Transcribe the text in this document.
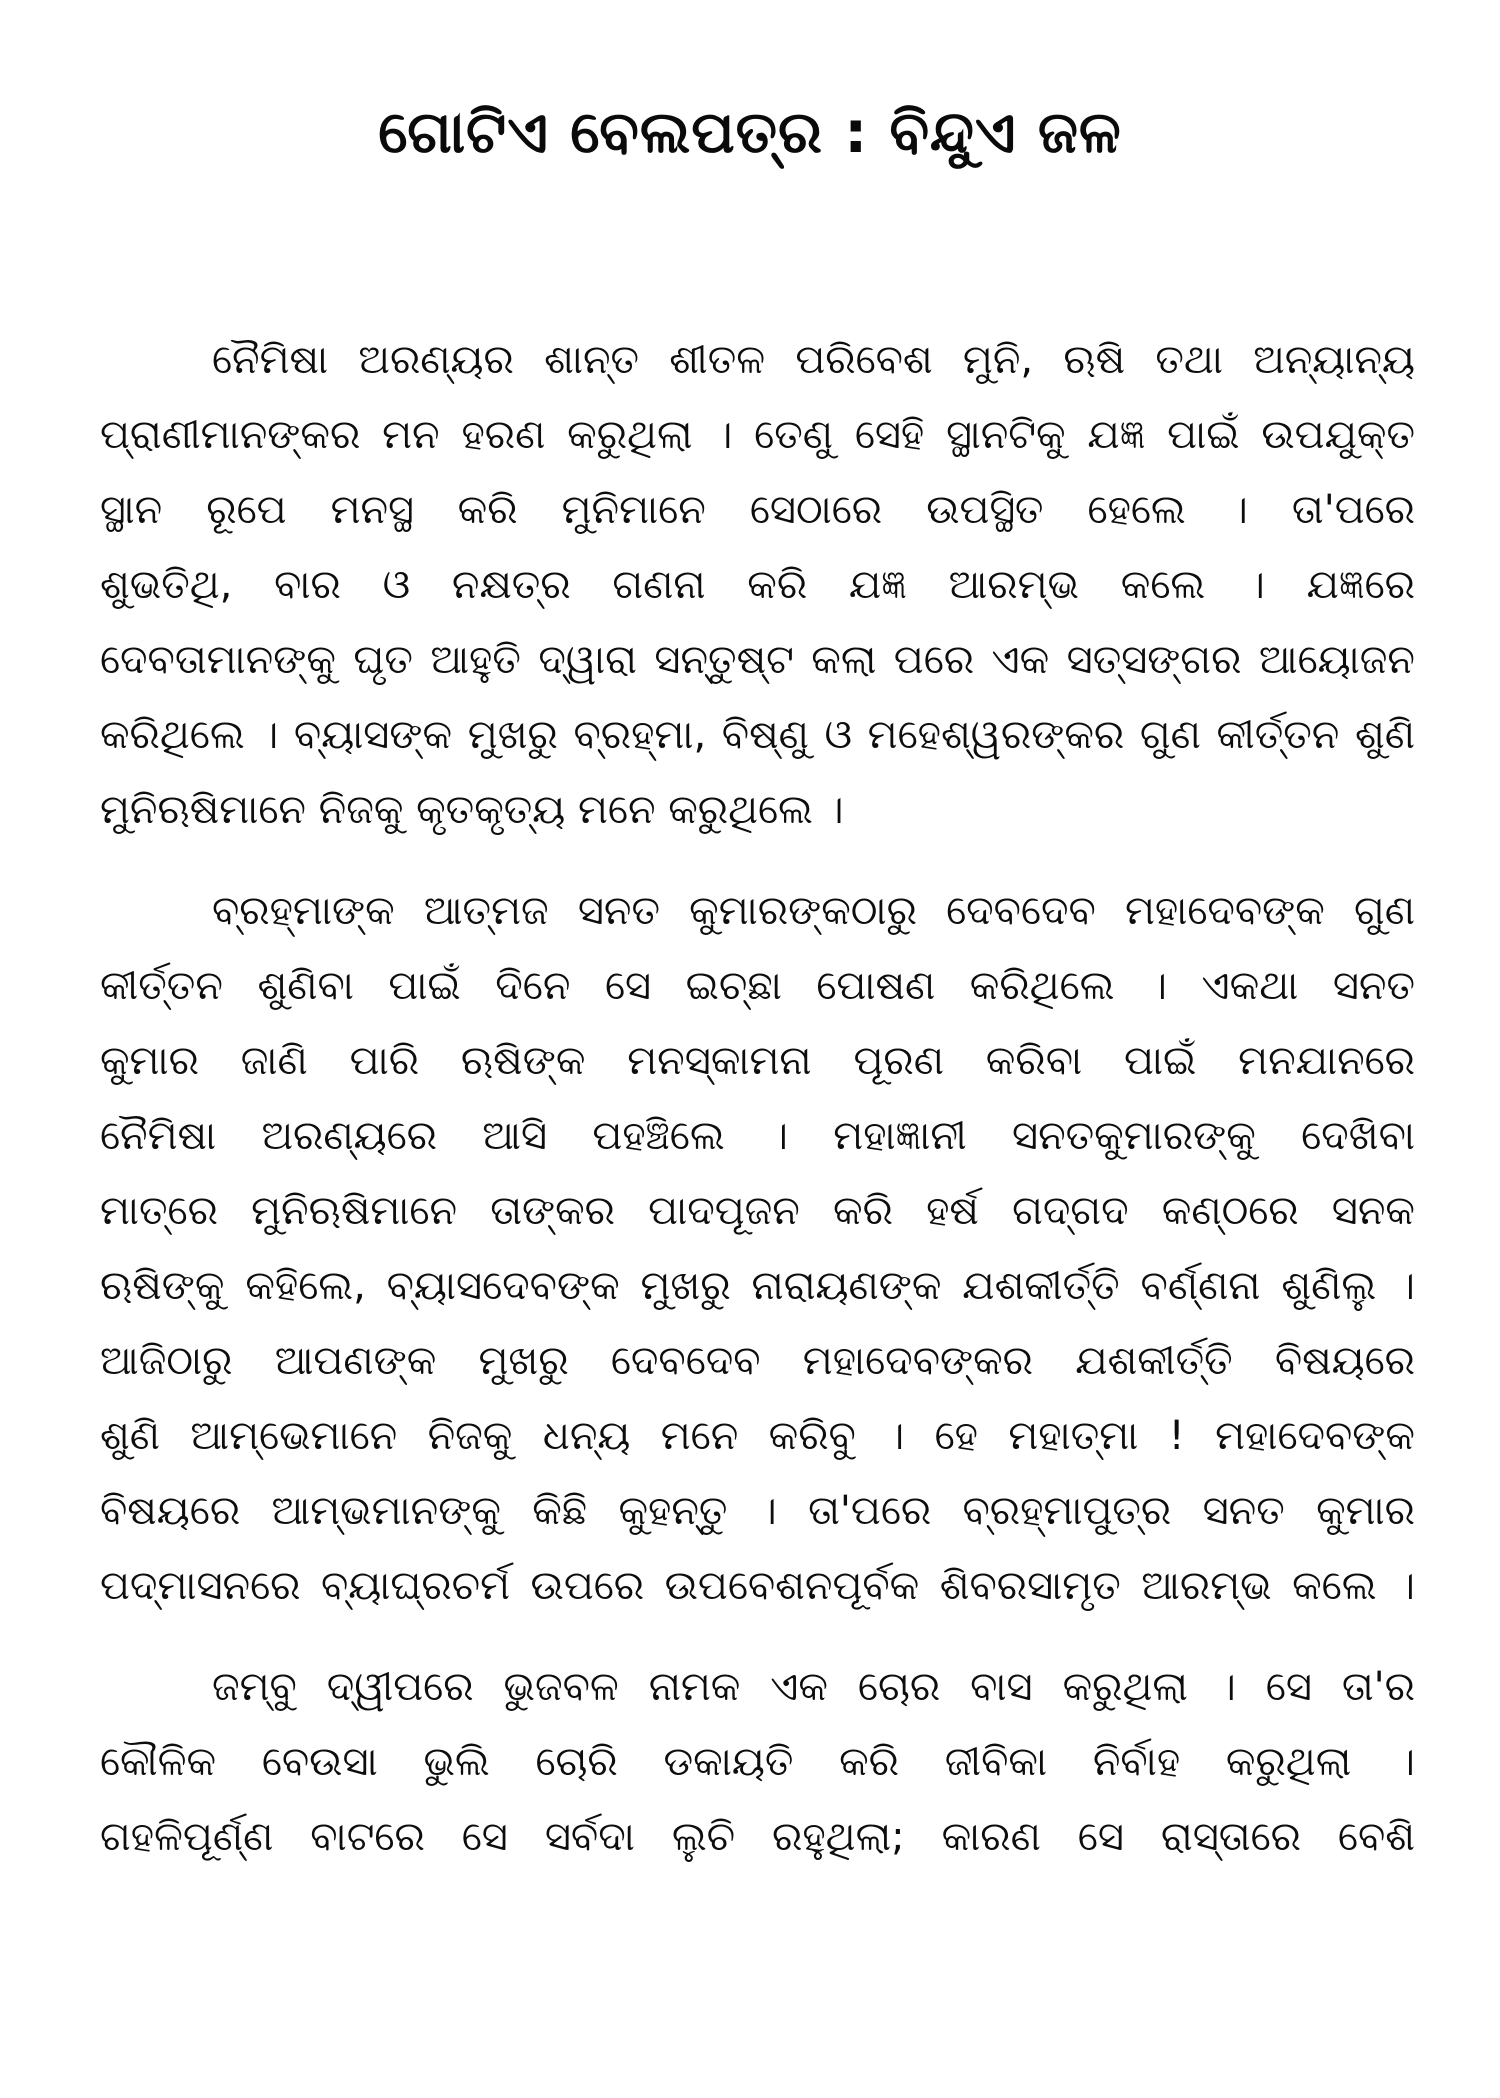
ଗୋଟିଏ ବେଲପତ୍ର : ବିନ୍ଦୁଏ ଜଳ
ନୈମିଷା ଅରଣ୍ୟର ଶାନ୍ତ ଶୀତଳ ପରିବେଶ ମୁନି, ଋଷି ତଥା ଅନ୍ୟାନ୍ୟ
ପ୍ରାଣୀମାନଙ୍କର ମନ ହରଣ କରୁଥିଲା । ତେଣୁ ସେହି ସ୍ଥାନଟିକୁ ଯଜ୍ଞ ପାଇଁ ଉପଯୁକ୍ତ
ସ୍ଥାନ ରୂପେ ମନସ୍ଥ କରି ମୁନିମାନେ ସେଠାରେ ଉପସ୍ଥିତ ହେଲେ । ତା'ପରେ
ଶୁଭତିଥି, ବାର ଓ ନକ୍ଷତ୍ର ଗଣନା କରି ଯଜ୍ଞ ଆରମ୍ଭ କଲେ । ଯଜ୍ଞରେ
ଦେବତାମାନଙ୍କୁ ଘୃତ ଆହୁତି ଦ୍ୱାରା ସନ୍ତୁଷ୍ଟ କଲା ପରେ ଏକ ସତ୍‌ସଙ୍ଗର ଆୟୋଜନ
କରିଥିଲେ । ବ୍ୟାସଙ୍କ ମୁଖରୁ ବ୍ରହ୍ମା, ବିଷ୍ଣୁ ଓ ମହେଶ୍ୱରଙ୍କର ଗୁଣ କୀର୍ତ୍ତନ ଶୁଣି
ମୁନିଋଷିମାନେ ନିଜକୁ କୃତକୃତ୍ୟ ମନେ କରୁଥିଲେ ।
ବ୍ରହ୍ମାଙ୍କ ଆତ୍ମଜ ସନତ କୁମାରଙ୍କଠାରୁ ଦେବଦେବ ମହାଦେବଙ୍କ ଗୁଣ
କୀର୍ତ୍ତନ ଶୁଣିବା ପାଇଁ ଦିନେ ସେ ଇଚ୍ଛା ପୋଷଣ କରିଥିଲେ । ଏକଥା ସନତ
କୁମାର ଜାଣି ପାରି ଋଷିଙ୍କ ମନସ୍କାମନା ପୂରଣ କରିବା ପାଇଁ ମନଯାନରେ
ନୈମିଷା ଅରଣ୍ୟରେ ଆସି ପହଞ୍ଚିଲେ । ମହାଜ୍ଞାନୀ ସନତକୁମାରଙ୍କୁ ଦେଖିବା
ମାତ୍ରେ ମୁନିଋଷିମାନେ ତାଙ୍କର ପାଦପୂଜନ କରି ହର୍ଷ ଗଦ୍‌ଗଦ କଣ୍ଠରେ ସନକ
ଋଷିଙ୍କୁ କହିଲେ, ବ୍ୟାସଦେବଙ୍କ ମୁଖରୁ ନାରାୟଣଙ୍କ ଯଶକୀର୍ତ୍ତି ବର୍ଣ୍ଣନା ଶୁଣିଲୁ ।
ଆଜିଠାରୁ ଆପଣଙ୍କ ମୁଖରୁ ଦେବଦେବ ମହାଦେବଙ୍କର ଯଶକୀର୍ତ୍ତି ବିଷୟରେ
ଶୁଣି ଆମ୍ଭେମାନେ ନିଜକୁ ଧନ୍ୟ ମନେ କରିବୁ । ହେ ମହାତ୍ମା ! ମହାଦେବଙ୍କ
ବିଷୟରେ ଆମ୍ଭମାନଙ୍କୁ କିଛି କୁହନ୍ତୁ । ତା'ପରେ ବ୍ରହ୍ମାପୁତ୍ର ସନତ କୁମାର
ପଦ୍ମାସନରେ ବ୍ୟାଘ୍ରଚର୍ମ ଉପରେ ଉପବେଶନପୂର୍ବକ ଶିବରସାମୃତ ଆରମ୍ଭ କଲେ ।
ଜମ୍ବୁ ଦ୍ୱୀପରେ ଭୁଜବଳ ନାମକ ଏକ ଚୋର ବାସ କରୁଥିଲା । ସେ ତା'ର
କୌଳିକ ବେଉସା ଭୁଲି ଚୋରି ଡକାୟତି କରି ଜୀବିକା ନିର୍ବାହ କରୁଥିଲା ।
ଗହଳିପୂର୍ଣ୍ଣ ବାଟରେ ସେ ସର୍ବଦା ଲୁଚି ରହୁଥିଲା; କାରଣ ସେ ରାସ୍ତାରେ ବେଶି
